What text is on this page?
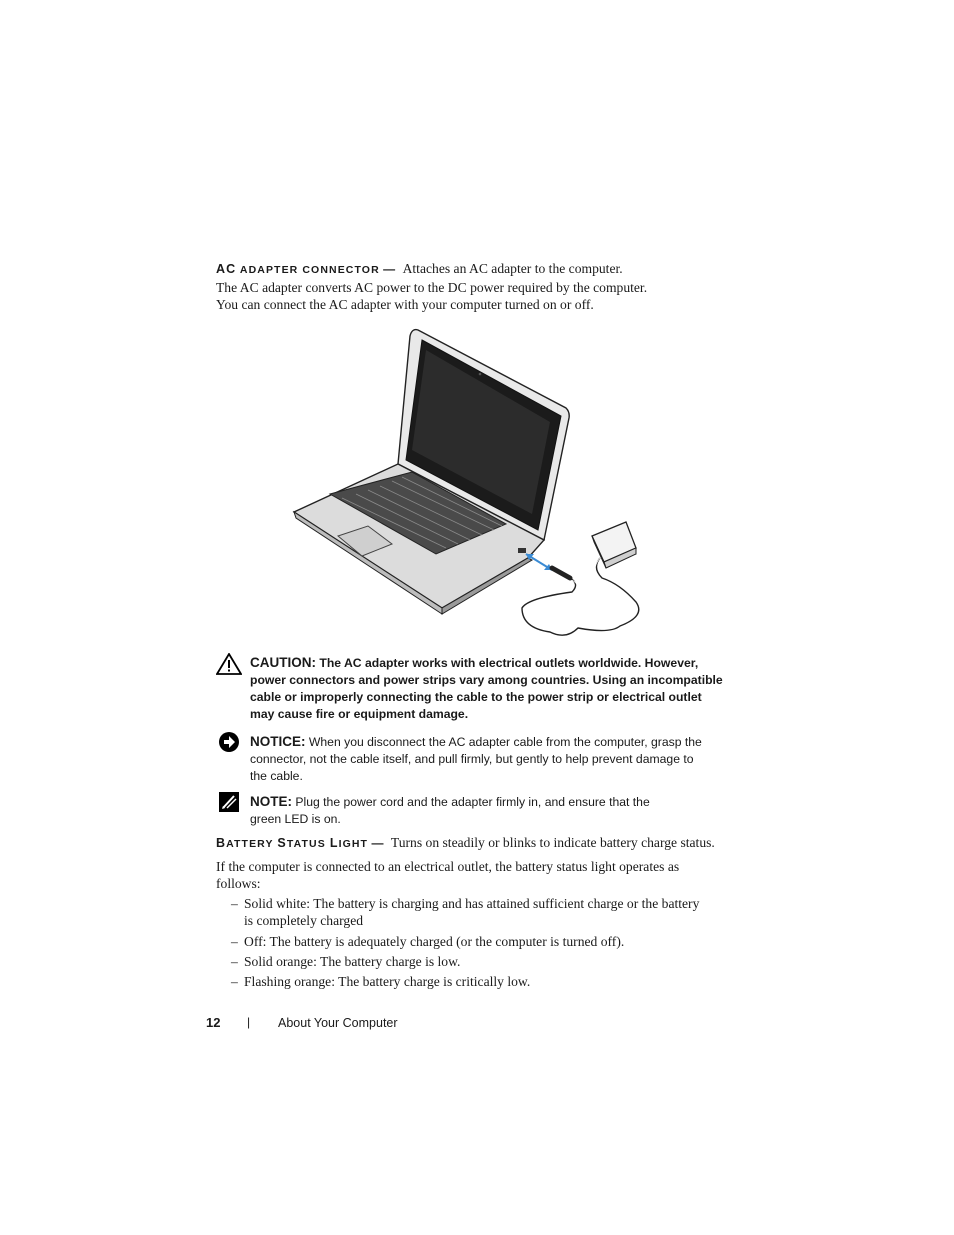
AC ADAPTER CONNECTOR — Attaches an AC adapter to the computer.
The AC adapter converts AC power to the DC power required by the computer.
You can connect the AC adapter with your computer turned on or off.
CAUTION: The AC adapter works with electrical outlets worldwide. However,
power connectors and power strips vary among countries. Using an incompatible
cable or improperly connecting the cable to the power strip or electrical outlet
may cause fire or equipment damage.
NOTICE: When you disconnect the AC adapter cable from the computer, grasp the
connector, not the cable itself, and pull firmly, but gently to help prevent damage to
the cable.
NOTE: Plug the power cord and the adapter firmly in, and ensure that the
green LED is on.
BATTERY STATUS LIGHT — Turns on steadily or blinks to indicate battery charge status.
If the computer is connected to an electrical outlet, the battery status light operates as
follows:
– Solid white: The battery is charging and has attained sufficient charge or the battery
is completely charged
– Off: The battery is adequately charged (or the computer is turned off).
– Solid orange: The battery charge is low.
– Flashing orange: The battery charge is critically low.
12 | About Your Computer
